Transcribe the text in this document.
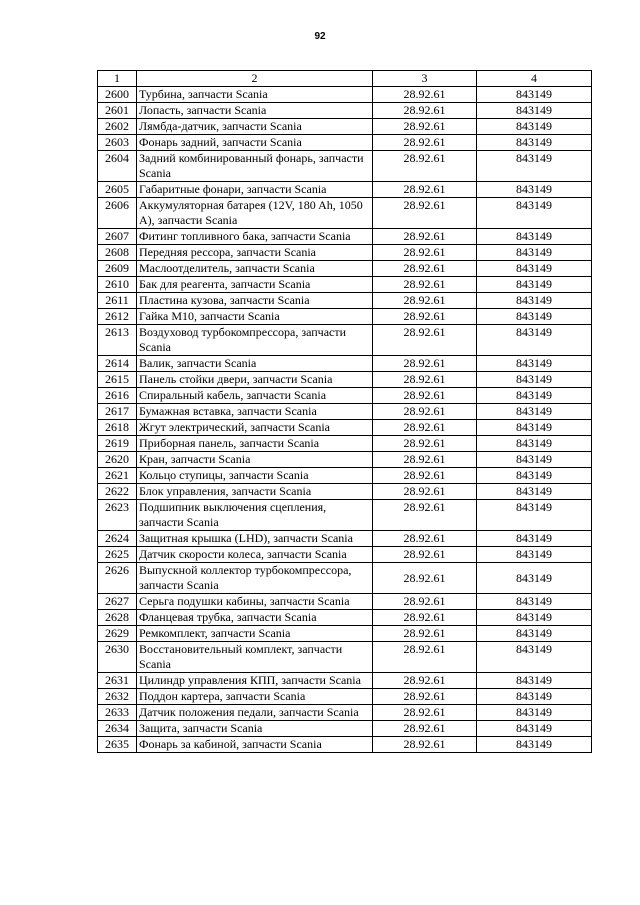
92
1	2	3	4
2600	Турбина, запчасти Scania	28.92.61	843149
2601	Лопасть, запчасти Scania	28.92.61	843149
2602	Лямбда-датчик, запчасти Scania	28.92.61	843149
2603	Фонарь задний, запчасти Scania	28.92.61	843149
2604	Задний комбинированный фонарь, запчасти Scania	28.92.61	843149
2605	Габаритные фонари, запчасти Scania	28.92.61	843149
2606	Аккумуляторная батарея (12V, 180 Ah, 1050 А), запчасти Scania	28.92.61	843149
2607	Фитинг топливного бака, запчасти Scania	28.92.61	843149
2608	Передняя рессора, запчасти Scania	28.92.61	843149
2609	Маслоотделитель, запчасти Scania	28.92.61	843149
2610	Бак для реагента, запчасти Scania	28.92.61	843149
2611	Пластина кузова, запчасти Scania	28.92.61	843149
2612	Гайка М10, запчасти Scania	28.92.61	843149
2613	Воздуховод турбокомпрессора, запчасти Scania	28.92.61	843149
2614	Валик, запчасти Scania	28.92.61	843149
2615	Панель стойки двери, запчасти Scania	28.92.61	843149
2616	Спиральный кабель, запчасти Scania	28.92.61	843149
2617	Бумажная вставка, запчасти Scania	28.92.61	843149
2618	Жгут электрический, запчасти Scania	28.92.61	843149
2619	Приборная панель, запчасти Scania	28.92.61	843149
2620	Кран, запчасти Scania	28.92.61	843149
2621	Кольцо ступицы, запчасти Scania	28.92.61	843149
2622	Блок управления, запчасти Scania	28.92.61	843149
2623	Подшипник выключения сцепления, запчасти Scania	28.92.61	843149
2624	Защитная крышка (LHD), запчасти Scania	28.92.61	843149
2625	Датчик скорости колеса, запчасти Scania	28.92.61	843149
2626	Выпускной коллектор турбокомпрессора, запчасти Scania	28.92.61	843149
2627	Серьга подушки кабины, запчасти Scania	28.92.61	843149
2628	Фланцевая трубка, запчасти Scania	28.92.61	843149
2629	Ремкомплект, запчасти Scania	28.92.61	843149
2630	Восстановительный комплект, запчасти Scania	28.92.61	843149
2631	Цилиндр управления КПП, запчасти Scania	28.92.61	843149
2632	Поддон картера, запчасти Scania	28.92.61	843149
2633	Датчик положения педали, запчасти Scania	28.92.61	843149
2634	Защита, запчасти Scania	28.92.61	843149
2635	Фонарь за кабиной, запчасти Scania	28.92.61	843149
